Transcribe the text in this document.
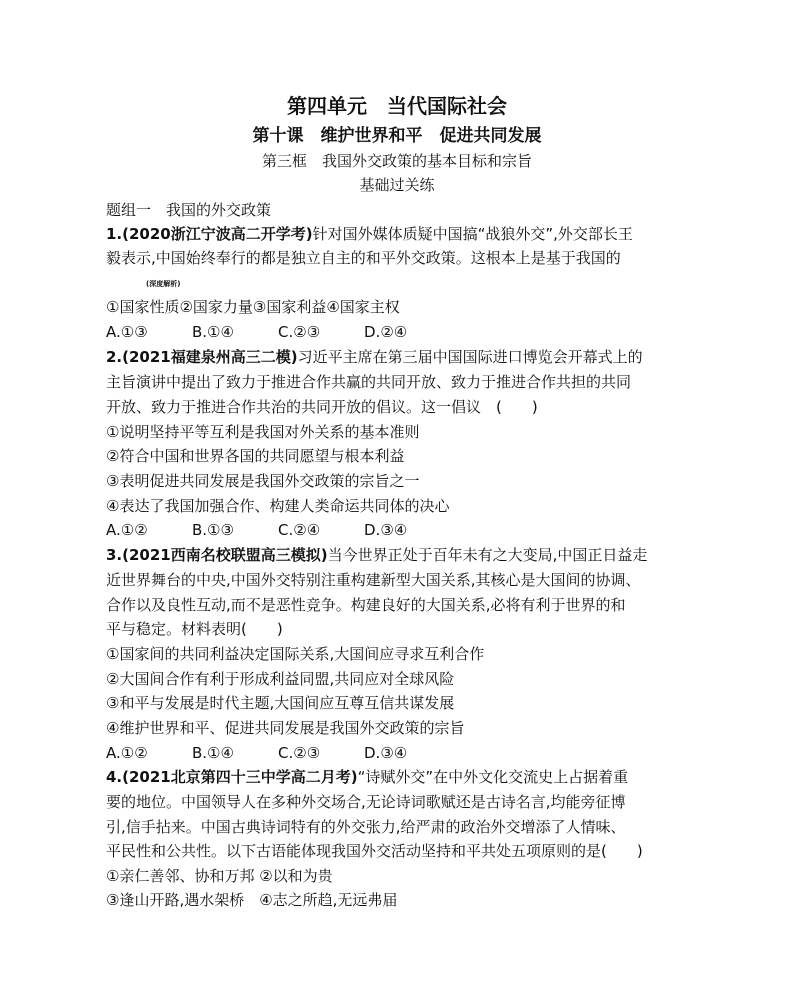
第四单元　当代国际社会
第十课　维护世界和平　促进共同发展
第三框　我国外交政策的基本目标和宗旨
基础过关练
题组一　我国的外交政策
1.(2020浙江宁波高二开学考)针对国外媒体质疑中国搞“战狼外交”,外交部长王
毅表示,中国始终奉行的都是独立自主的和平外交政策。这根本上是基于我国的
(深度解析)
①国家性质②国家力量③国家利益④国家主权
A.①③	B.①④	C.②③	D.②④
2.(2021福建泉州高三二模)习近平主席在第三届中国国际进口博览会开幕式上的
主旨演讲中提出了致力于推进合作共赢的共同开放、致力于推进合作共担的共同
开放、致力于推进合作共治的共同开放的倡议。这一倡议　(　　)
①说明坚持平等互利是我国对外关系的基本准则
②符合中国和世界各国的共同愿望与根本利益
③表明促进共同发展是我国外交政策的宗旨之一
④表达了我国加强合作、构建人类命运共同体的决心
A.①②	B.①③	C.②④	D.③④
3.(2021西南名校联盟高三模拟)当今世界正处于百年未有之大变局,中国正日益走
近世界舞台的中央,中国外交特别注重构建新型大国关系,其核心是大国间的协调、
合作以及良性互动,而不是恶性竞争。构建良好的大国关系,必将有利于世界的和
平与稳定。材料表明(　　)
①国家间的共同利益决定国际关系,大国间应寻求互利合作
②大国间合作有利于形成利益同盟,共同应对全球风险
③和平与发展是时代主题,大国间应互尊互信共谋发展
④维护世界和平、促进共同发展是我国外交政策的宗旨
A.①②	B.①④	C.②③	D.③④
4.(2021北京第四十三中学高二月考)“诗赋外交”在中外文化交流史上占据着重
要的地位。中国领导人在多种外交场合,无论诗词歌赋还是古诗名言,均能旁征博
引,信手拈来。中国古典诗词特有的外交张力,给严肃的政治外交增添了人情味、
平民性和公共性。以下古语能体现我国外交活动坚持和平共处五项原则的是(　　)
①亲仁善邻、协和万邦 ②以和为贵
③逢山开路,遇水架桥　④志之所趋,无远弗届
